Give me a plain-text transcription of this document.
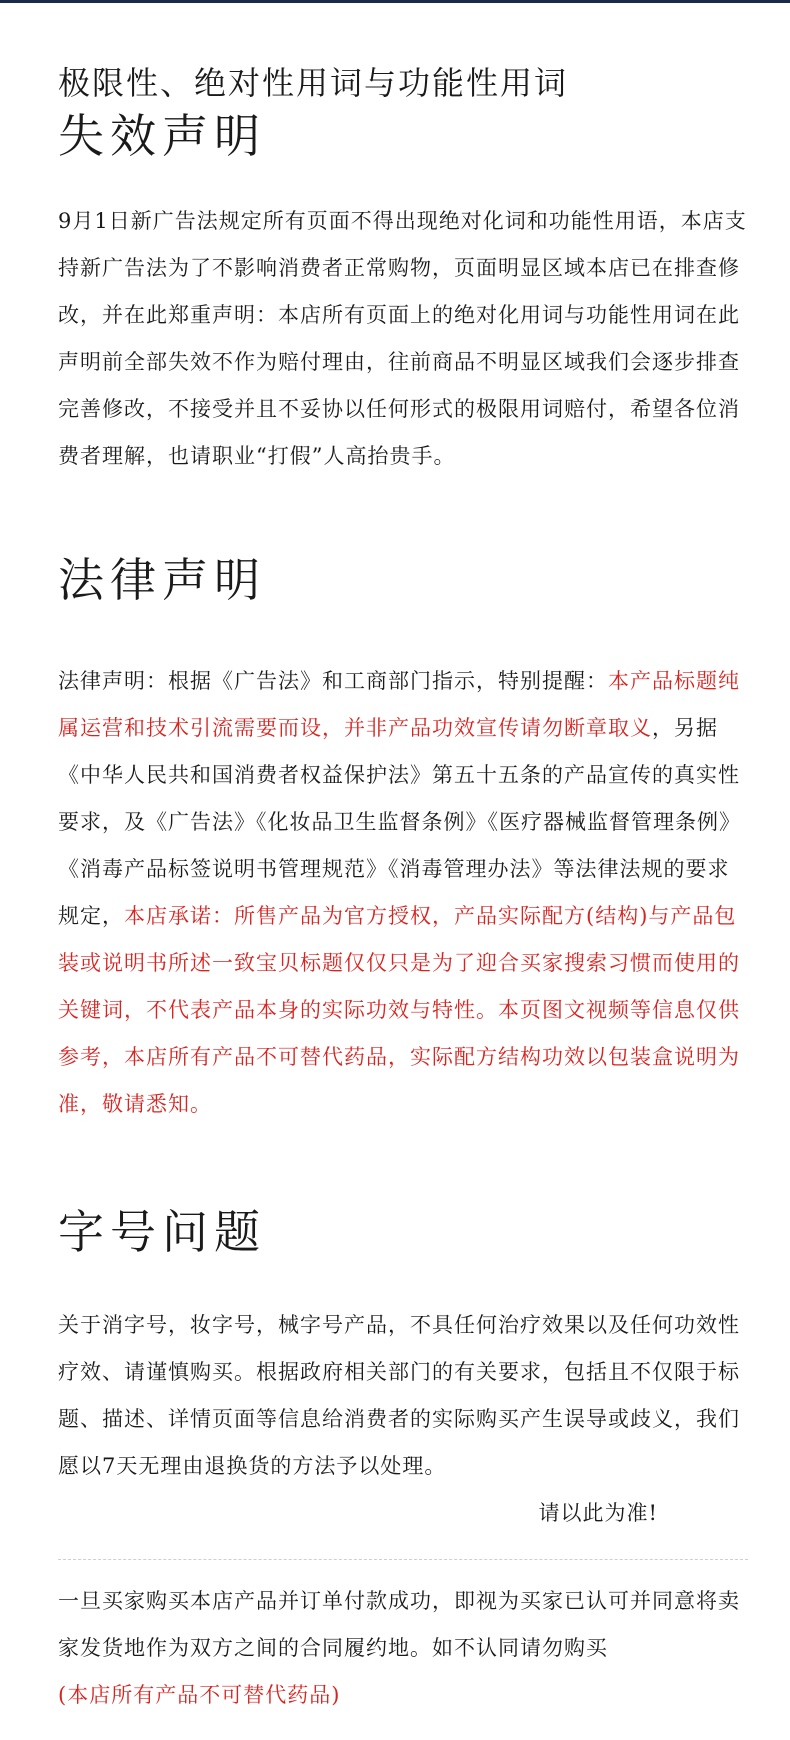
极限性、绝对性用词与功能性用词

失效声明

9月1日新广告法规定所有页面不得出现绝对化词和功能性用语，本店支持新广告法为了不影响消费者正常购物，页面明显区域本店已在排查修改，并在此郑重声明：本店所有页面上的绝对化用词与功能性用词在此声明前全部失效不作为赔付理由，往前商品不明显区域我们会逐步排查完善修改，不接受并且不妥协以任何形式的极限用词赔付，希望各位消费者理解，也请职业“打假”人高抬贵手。

法律声明

法律声明：根据《广告法》和工商部门指示，特别提醒：本产品标题纯属运营和技术引流需要而设，并非产品功效宣传请勿断章取义，另据《中华人民共和国消费者权益保护法》第五十五条的产品宣传的真实性要求，及《广告法》《化妆品卫生监督条例》《医疗器械监督管理条例》《消毒产品标签说明书管理规范》《消毒管理办法》等法律法规的要求规定，本店承诺：所售产品为官方授权，产品实际配方(结构)与产品包装或说明书所述一致宝贝标题仅仅只是为了迎合买家搜索习惯而使用的关键词，不代表产品本身的实际功效与特性。本页图文视频等信息仅供参考，本店所有产品不可替代药品，实际配方结构功效以包装盒说明为准，敬请悉知。

字号问题

关于消字号，妆字号，械字号产品，不具任何治疗效果以及任何功效性疗效、请谨慎购买。根据政府相关部门的有关要求，包括且不仅限于标题、描述、详情页面等信息给消费者的实际购买产生误导或歧义，我们愿以7天无理由退换货的方法予以处理。

请以此为准!

一旦买家购买本店产品并订单付款成功，即视为买家已认可并同意将卖家发货地作为双方之间的合同履约地。如不认同请勿购买
(本店所有产品不可替代药品)
